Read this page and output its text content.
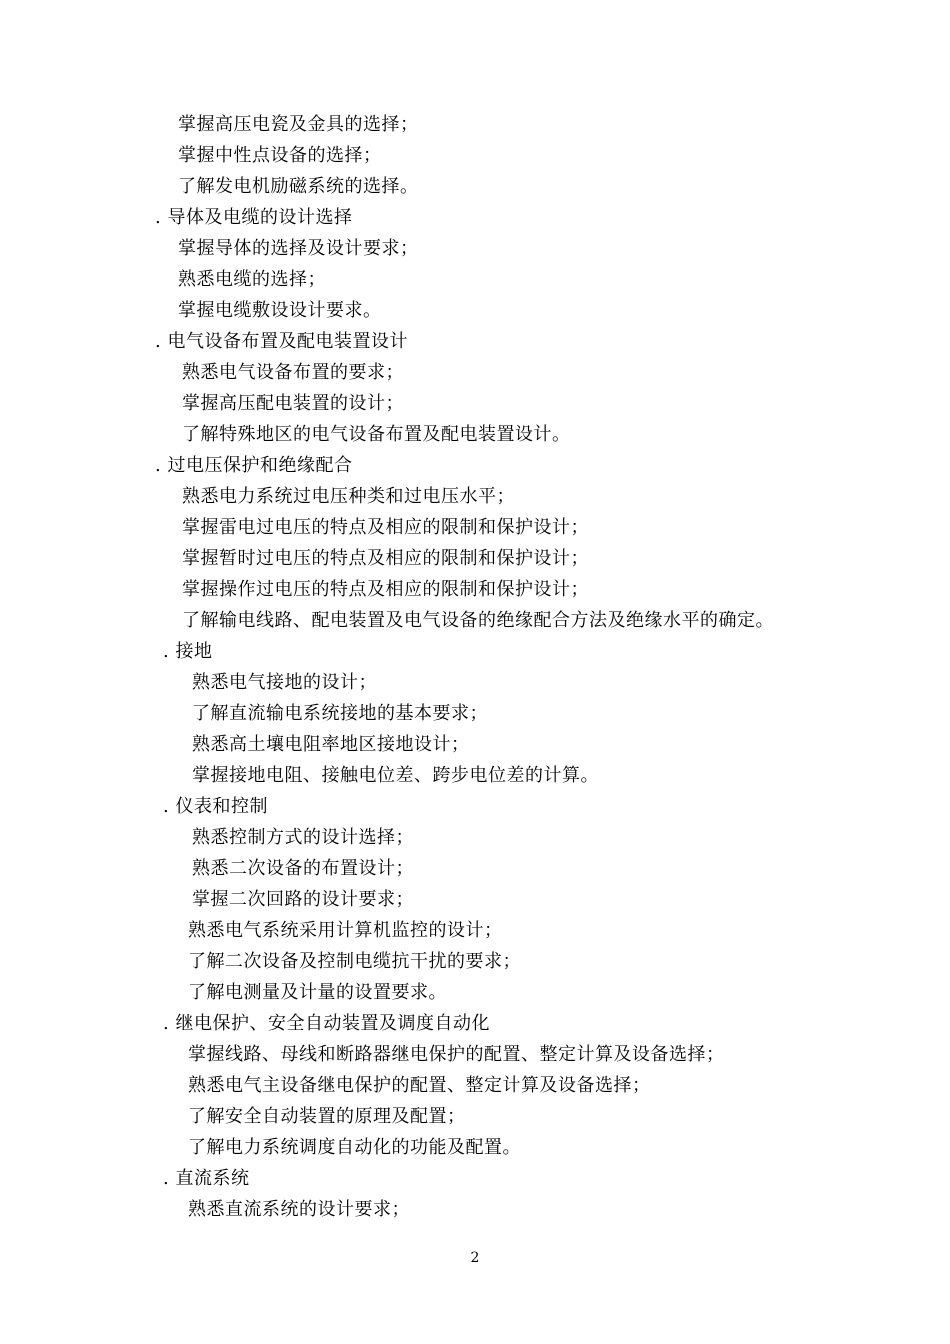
掌握高压电瓷及金具的选择；
掌握中性点设备的选择；
了解发电机励磁系统的选择。
. 导体及电缆的设计选择
掌握导体的选择及设计要求；
熟悉电缆的选择；
掌握电缆敷设设计要求。
. 电气设备布置及配电装置设计
熟悉电气设备布置的要求；
掌握高压配电装置的设计；
了解特殊地区的电气设备布置及配电装置设计。
. 过电压保护和绝缘配合
熟悉电力系统过电压种类和过电压水平；
掌握雷电过电压的特点及相应的限制和保护设计；
掌握暂时过电压的特点及相应的限制和保护设计；
掌握操作过电压的特点及相应的限制和保护设计；
了解输电线路、配电装置及电气设备的绝缘配合方法及绝缘水平的确定。
. 接地
熟悉电气接地的设计；
了解直流输电系统接地的基本要求；
熟悉高土壤电阻率地区接地设计；
掌握接地电阻、接触电位差、跨步电位差的计算。
. 仪表和控制
熟悉控制方式的设计选择；
熟悉二次设备的布置设计；
掌握二次回路的设计要求；
熟悉电气系统采用计算机监控的设计；
了解二次设备及控制电缆抗干扰的要求；
了解电测量及计量的设置要求。
. 继电保护、安全自动装置及调度自动化
掌握线路、母线和断路器继电保护的配置、整定计算及设备选择；
熟悉电气主设备继电保护的配置、整定计算及设备选择；
了解安全自动装置的原理及配置；
了解电力系统调度自动化的功能及配置。
. 直流系统
熟悉直流系统的设计要求；
2
